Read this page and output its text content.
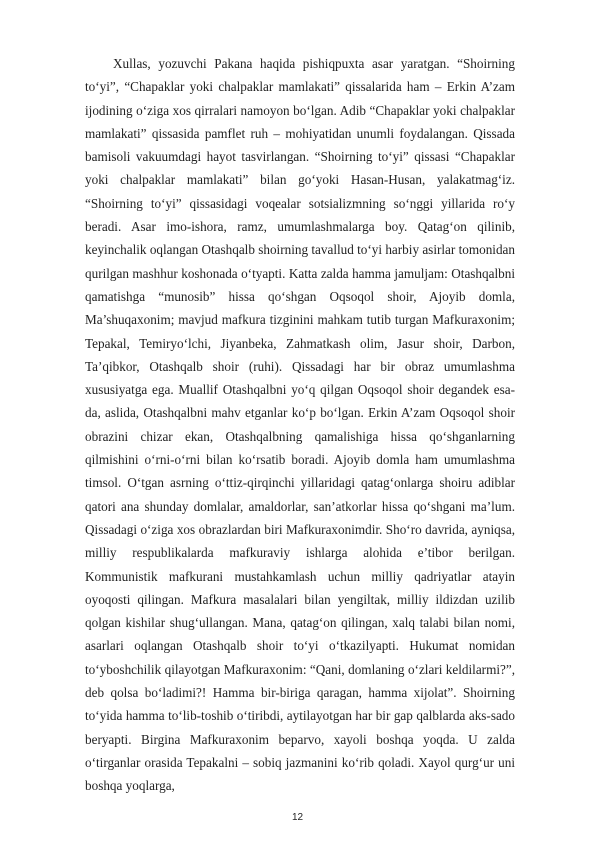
Xullas, yozuvchi Pakana haqida pishiqpuxta asar yaratgan. “Shoirning to‘yi”, “Chapaklar yoki chalpaklar mamlakati” qissalarida ham – Erkin A’zam ijodining o‘ziga xos qirralari namoyon bo‘lgan. Adib “Chapaklar yoki chalpaklar mamlakati” qissasida pamflet ruh – mohiyatidan unumli foydalangan. Qissada bamisoli vakuumdagi hayot tasvirlangan. “Shoirning to‘yi” qissasi “Chapaklar yoki chalpaklar mamlakati” bilan go‘yoki Hasan-Husan, yalakatmag‘iz. “Shoirning to‘yi” qissasidagi voqealar sotsializmning so‘nggi yillarida ro‘y beradi. Asar imo-ishora, ramz, umumlashmalarga boy. Qatag‘on qilinib, keyinchalik oqlangan Otashqalb shoirning tavallud to‘yi harbiy asirlar tomonidan qurilgan mashhur koshonada o‘tyapti. Katta zalda hamma jamuljam: Otashqalbni qamatishga “munosib” hissa qo‘shgan Oqsoqol shoir, Ajoyib domla, Ma’shuqaxonim; mavjud mafkura tizginini mahkam tutib turgan Mafkuraxonim; Tepakal, Temiryo‘lchi, Jiyanbeka, Zahmatkash olim, Jasur shoir, Darbon, Ta’qibkor, Otashqalb shoir (ruhi). Qissadagi har bir obraz umumlashma xususiyatga ega. Muallif Otashqalbni yo‘q qilgan Oqsoqol shoir degandek esa-da, aslida, Otashqalbni mahv etganlar ko‘p bo‘lgan. Erkin A’zam Oqsoqol shoir obrazini chizar ekan, Otashqalbning qamalishiga hissa qo‘shganlarning qilmishini o‘rni-o‘rni bilan ko‘rsatib boradi. Ajoyib domla ham umumlashma timsol. O‘tgan asrning o‘ttiz-qirqinchi yillaridagi qatag‘onlarga shoiru adiblar qatori ana shunday domlalar, amaldorlar, san’atkorlar hissa qo‘shgani ma’lum. Qissadagi o‘ziga xos obrazlardan biri Mafkuraxonimdir. Sho‘ro davrida, ayniqsa, milliy respublikalarda mafkuraviy ishlarga alohida e’tibor berilgan. Kommunistik mafkurani mustahkamlash uchun milliy qadriyatlar atayin oyoqosti qilingan. Mafkura masalalari bilan yengiltak, milliy ildizdan uzilib qolgan kishilar shug‘ullangan. Mana, qatag‘on qilingan, xalq talabi bilan nomi, asarlari oqlangan Otashqalb shoir to‘yi o‘tkazilyapti. Hukumat nomidan to‘yboshchilik qilayotgan Mafkuraxonim: “Qani, domlaning o‘zlari keldilarmi?”, deb qolsa bo‘ladimi?! Hamma bir-biriga qaragan, hamma xijolat”. Shoirning to‘yida hamma to‘lib-toshib o‘tiribdi, aytilayotgan har bir gap qalblarda aks-sado beryapti. Birgina Mafkuraxonim beparvo, xayoli boshqa yoqda. U zalda o‘tirganlar orasida Tepakalni – sobiq jazmanini ko‘rib qoladi. Xayol qurg‘ur uni boshqa yoqlarga,

12
